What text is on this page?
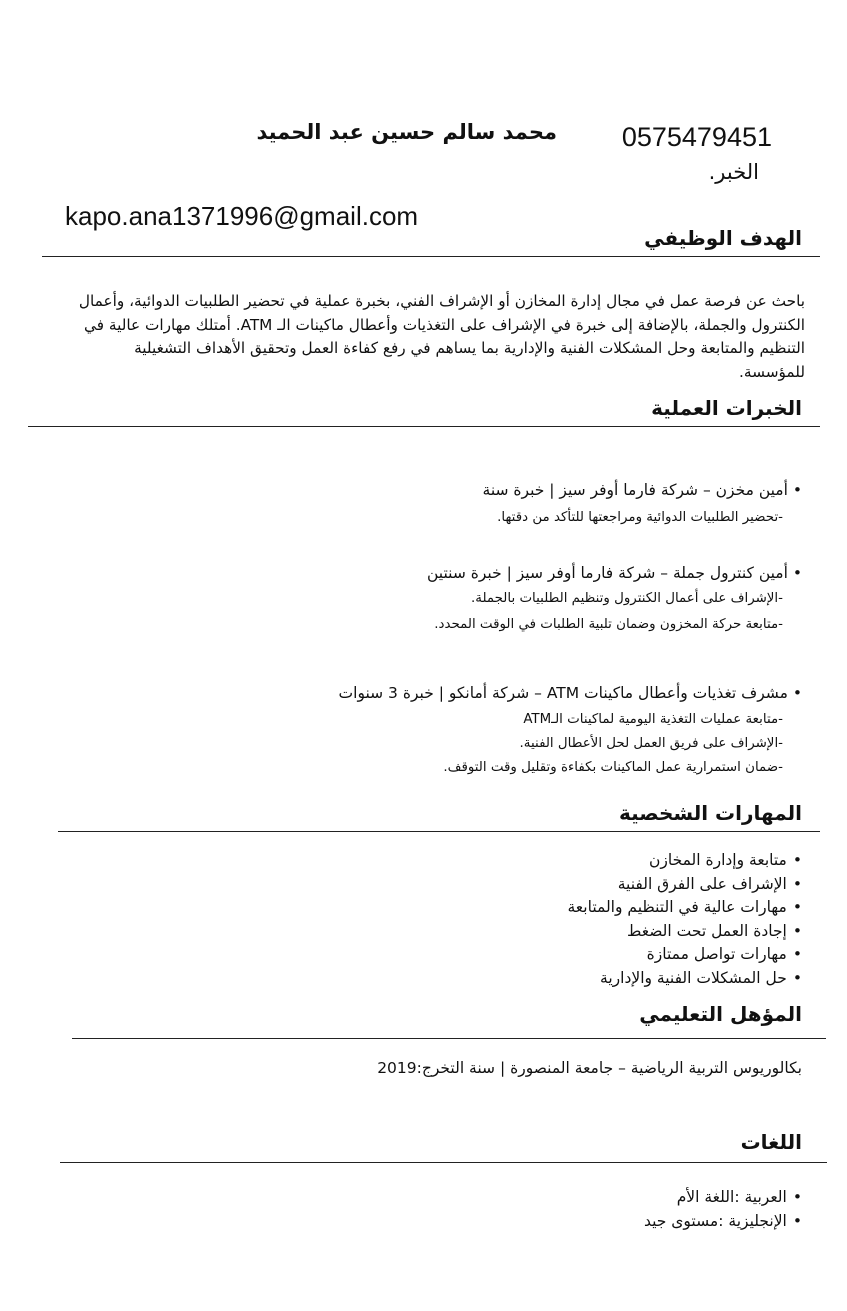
محمد سالم حسين عبد الحميد 0575479451
الخبر.
kapo.ana1371996@gmail.com
الهدف الوظيفي
باحث عن فرصة عمل في مجال إدارة المخازن أو الإشراف الفني، بخبرة عملية في تحضير الطلبيات الدوائية، وأعمال الكنترول والجملة، بالإضافة إلى خبرة في الإشراف على التغذيات وأعطال ماكينات الـ ATM. أمتلك مهارات عالية في التنظيم والمتابعة وحل المشكلات الفنية والإدارية بما يساهم في رفع كفاءة العمل وتحقيق الأهداف التشغيلية للمؤسسة.
الخبرات العملية
• أمين مخزن – شركة فارما أوفر سيز | خبرة سنة
-تحضير الطلبيات الدوائية ومراجعتها للتأكد من دقتها.
• أمين كنترول جملة – شركة فارما أوفر سيز | خبرة سنتين
-الإشراف على أعمال الكنترول وتنظيم الطلبيات بالجملة.
-متابعة حركة المخزون وضمان تلبية الطلبات في الوقت المحدد.
• مشرف تغذيات وأعطال ماكينات ATM – شركة أمانكو | خبرة 3 سنوات
-متابعة عمليات التغذية اليومية لماكينات الـATM
-الإشراف على فريق العمل لحل الأعطال الفنية.
-ضمان استمرارية عمل الماكينات بكفاءة وتقليل وقت التوقف.
المهارات الشخصية
• متابعة وإدارة المخازن
• الإشراف على الفرق الفنية
• مهارات عالية في التنظيم والمتابعة
• إجادة العمل تحت الضغط
• مهارات تواصل ممتازة
• حل المشكلات الفنية والإدارية
المؤهل التعليمي
بكالوريوس التربية الرياضية – جامعة المنصورة | سنة التخرج:2019
اللغات
• العربية :اللغة الأم
• الإنجليزية :مستوى جيد
